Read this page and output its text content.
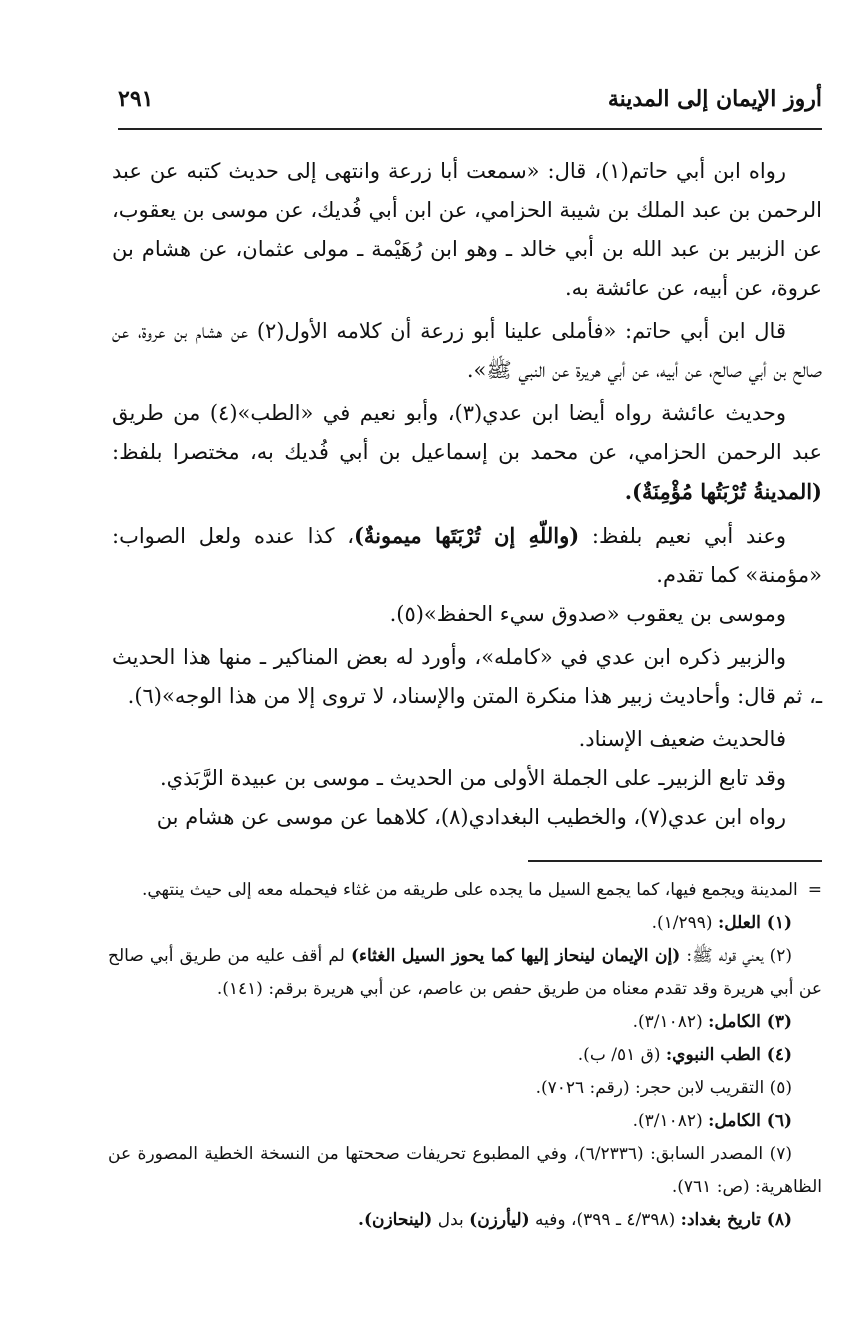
أروز الإيمان إلى المدينة
٢٩١

رواه ابن أبي حاتم(١)، قال: «سمعت أبا زرعة وانتهى إلى حديث كتبه عن عبد الرحمن بن عبد الملك بن شيبة الحزامي، عن ابن أبي فُديك، عن موسى بن يعقوب، عن الزبير بن عبد الله بن أبي خالد ـ وهو ابن رُهَيْمة ـ مولى عثمان، عن هشام بن عروة، عن أبيه، عن عائشة به.

قال ابن أبي حاتم: «فأملى علينا أبو زرعة أن كلامه الأول(٢) عن هشام بن عروة، عن صالح بن أبي صالح، عن أبيه، عن أبي هريرة عن النبي ﷺ».

وحديث عائشة رواه أيضا ابن عدي(٣)، وأبو نعيم في «الطب»(٤) من طريق عبد الرحمن الحزامي، عن محمد بن إسماعيل بن أبي فُديك به، مختصرا بلفظ: (المدينةُ تُرْبَتُها مُؤْمِنَةٌ).

وعند أبي نعيم بلفظ: (واللّهِ إن تُرْبَتَها ميمونةٌ)، كذا عنده ولعل الصواب: «مؤمنة» كما تقدم.

وموسى بن يعقوب «صدوق سيء الحفظ»(٥).

والزبير ذكره ابن عدي في «كامله»، وأورد له بعض المناكير ـ منها هذا الحديث ـ، ثم قال: وأحاديث زبير هذا منكرة المتن والإسناد، لا تروى إلا من هذا الوجه»(٦).

فالحديث ضعيف الإسناد.

وقد تابع الزبيرـ على الجملة الأولى من الحديث ـ موسى بن عبيدة الرَّبَذي.

رواه ابن عدي(٧)، والخطيب البغدادي(٨)، كلاهما عن موسى عن هشام بن

=المدينة ويجمع فيها، كما يجمع السيل ما يجده على طريقه من غثاء فيحمله معه إلى حيث ينتهي.

(١) العلل: (١/٢٩٩).

(٢) يعني قوله ﷺ: (إن الإيمان لينحاز إليها كما يحوز السيل الغثاء) لم أقف عليه من طريق أبي صالح عن أبي هريرة وقد تقدم معناه من طريق حفص بن عاصم، عن أبي هريرة برقم: (١٤١).

(٣) الكامل: (٣/١٠٨٢).

(٤) الطب النبوي: (ق ٥١/ ب).

(٥) التقريب لابن حجر: (رقم: ٧٠٢٦).

(٦) الكامل: (٣/١٠٨٢).

(٧) المصدر السابق: (٦/٢٣٣٦)، وفي المطبوع تحريفات صححتها من النسخة الخطية المصورة عن الظاهرية: (ص: ٧٦١).

(٨) تاريخ بغداد: (٤/٣٩٨ ـ ٣٩٩)، وفيه (ليأرزن) بدل (لينحازن).
